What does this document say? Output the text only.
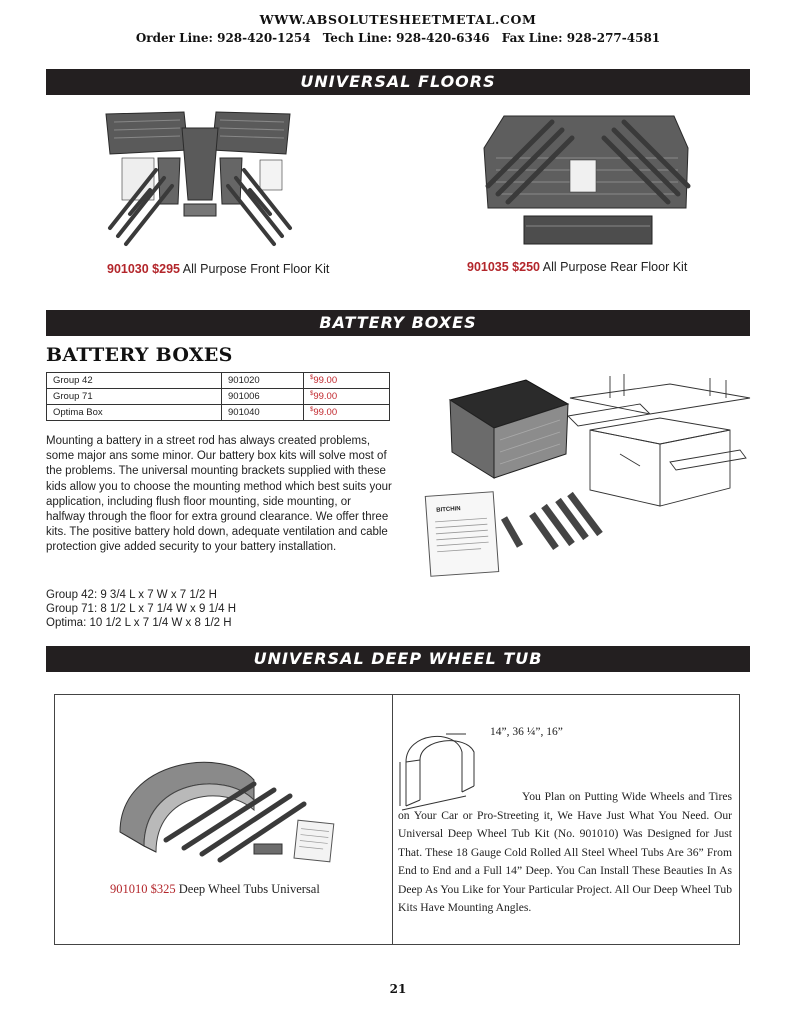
WWW.ABSOLUTESHEETMETAL.COM
Order Line: 928-420-1254 Tech Line: 928-420-6346 Fax Line: 928-277-4581
UNIVERSAL FLOORS
901030 $295 All Purpose Front Floor Kit	901035 $250 All Purpose Rear Floor Kit
BATTERY BOXES
BATTERY BOXES
Group 42	901020	$99.00
Group 71	901006	$99.00
Optima Box	901040	$99.00
Mounting a battery in a street rod has always created problems, some major ans some minor. Our battery box kits will solve most of the problems. The universal mounting brackets supplied with these kids allow you to choose the mounting method which best suits your application, including flush floor mounting, side mounting, or halfway through the floor for extra ground clearance. We offer three kits. The positive battery hold down, adequate ventilation and cable protection give added security to your battery installation.
Group 42: 9 3/4 L x 7 W x 7 1/2 H
Group 71: 8 1/2 L x 7 1/4 W x 9 1/4 H
Optima: 10 1/2 L x 7 1/4 W x 8 1/2 H
BITCHIN
UNIVERSAL DEEP WHEEL TUB
901010 $325 Deep Wheel Tubs Universal
14”, 36 ¼”, 16”
You Plan on Putting Wide Wheels and Tires on Your Car or Pro-Streeting it, We Have Just What You Need. Our Universal Deep Wheel Tub Kit (No. 901010) Was Designed for Just That. These 18 Gauge Cold Rolled All Steel Wheel Tubs Are 36” From End to End and a Full 14” Deep. You Can Install These Beauties In As Deep As You Like for Your Particular Project. All Our Deep Wheel Tub Kits Have Mounting Angles.
21
